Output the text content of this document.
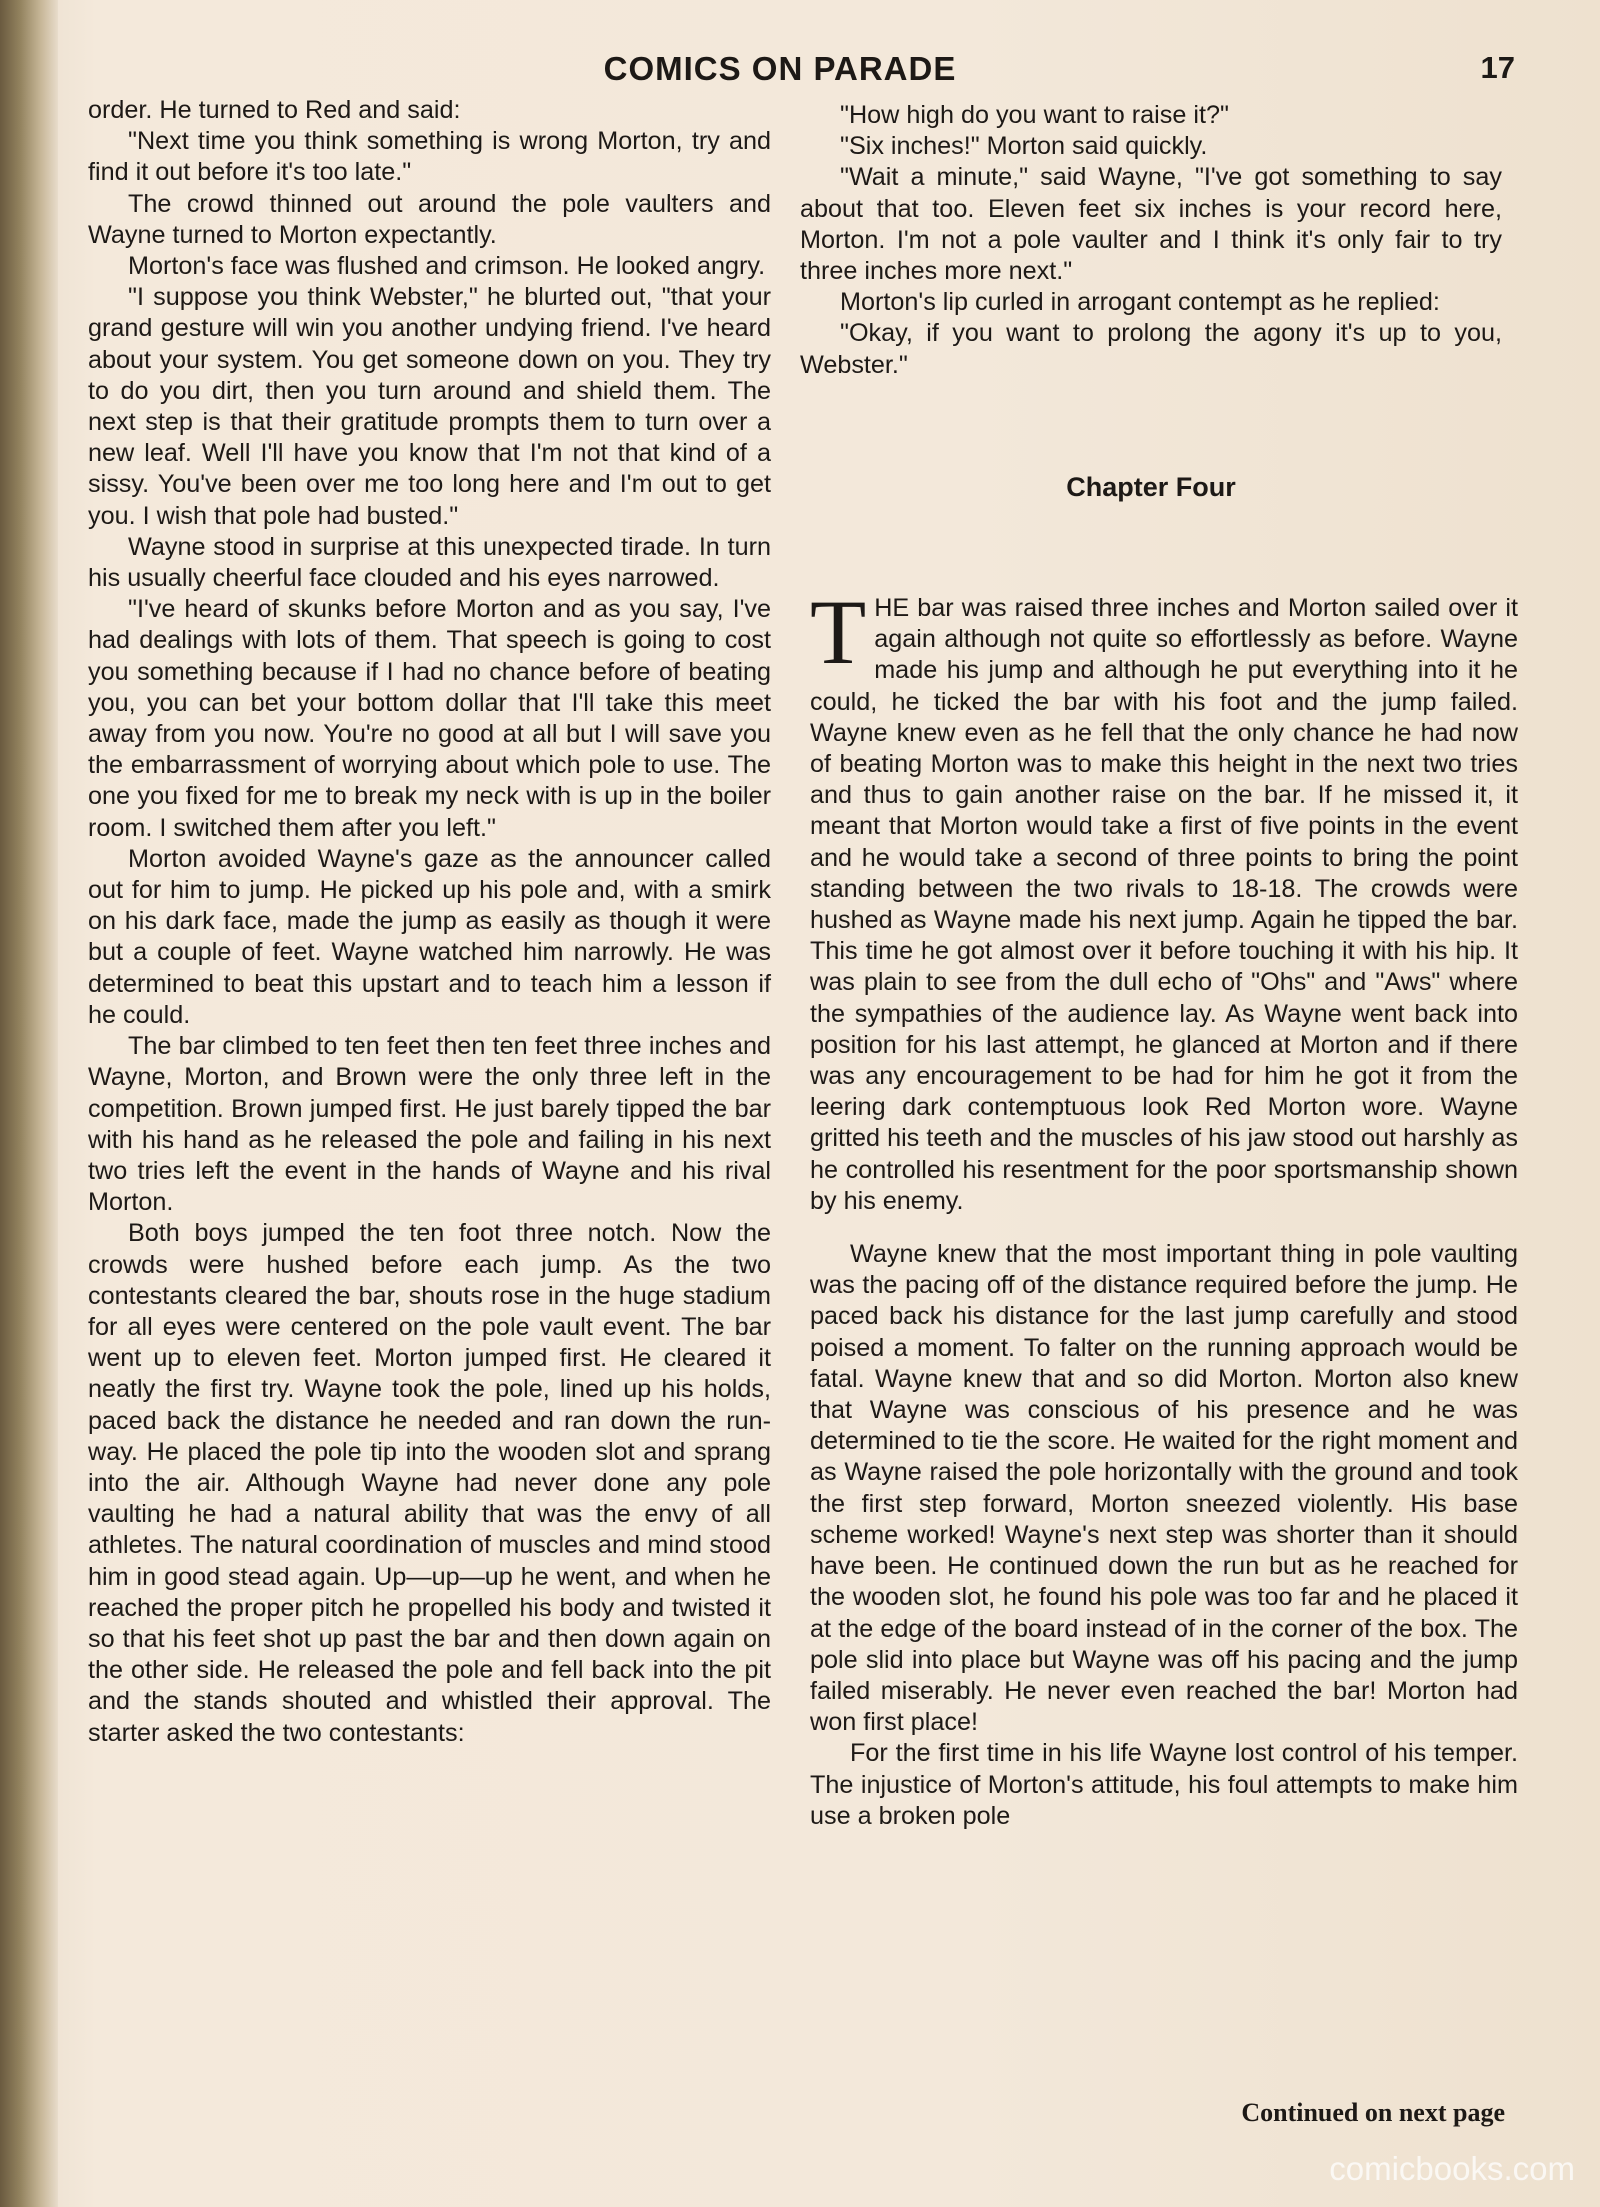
COMICS ON PARADE	17

order. He turned to Red and said:

"Next time you think something is wrong Morton, try and find it out before it's too late."

The crowd thinned out around the pole vaulters and Wayne turned to Morton expectantly.

Morton's face was flushed and crimson. He looked angry.

"I suppose you think Webster," he blurted out, "that your grand gesture will win you another undying friend. I've heard about your system. You get someone down on you. They try to do you dirt, then you turn around and shield them. The next step is that their gratitude prompts them to turn over a new leaf. Well I'll have you know that I'm not that kind of a sissy. You've been over me too long here and I'm out to get you. I wish that pole had busted."

Wayne stood in surprise at this unexpected tirade. In turn his usually cheerful face clouded and his eyes narrowed.

"I've heard of skunks before Morton and as you say, I've had dealings with lots of them. That speech is going to cost you something because if I had no chance before of beating you, you can bet your bottom dollar that I'll take this meet away from you now. You're no good at all but I will save you the embarrassment of worrying about which pole to use. The one you fixed for me to break my neck with is up in the boiler room. I switched them after you left."

Morton avoided Wayne's gaze as the announcer called out for him to jump. He picked up his pole and, with a smirk on his dark face, made the jump as easily as though it were but a couple of feet. Wayne watched him narrowly. He was determined to beat this upstart and to teach him a lesson if he could.

The bar climbed to ten feet then ten feet three inches and Wayne, Morton, and Brown were the only three left in the competition. Brown jumped first. He just barely tipped the bar with his hand as he released the pole and failing in his next two tries left the event in the hands of Wayne and his rival Morton.

Both boys jumped the ten foot three notch. Now the crowds were hushed before each jump. As the two contestants cleared the bar, shouts rose in the huge stadium for all eyes were centered on the pole vault event. The bar went up to eleven feet. Morton jumped first. He cleared it neatly the first try. Wayne took the pole, lined up his holds, paced back the distance he needed and ran down the run-way. He placed the pole tip into the wooden slot and sprang into the air. Although Wayne had never done any pole vaulting he had a natural ability that was the envy of all athletes. The natural coordination of muscles and mind stood him in good stead again. Up—up—up he went, and when he reached the proper pitch he propelled his body and twisted it so that his feet shot up past the bar and then down again on the other side. He released the pole and fell back into the pit and the stands shouted and whistled their approval. The starter asked the two contestants:

"How high do you want to raise it?"

"Six inches!" Morton said quickly.

"Wait a minute," said Wayne, "I've got something to say about that too. Eleven feet six inches is your record here, Morton. I'm not a pole vaulter and I think it's only fair to try three inches more next."

Morton's lip curled in arrogant contempt as he replied:

"Okay, if you want to prolong the agony it's up to you, Webster."

Chapter Four

THE bar was raised three inches and Morton sailed over it again although not quite so effortlessly as before. Wayne made his jump and although he put everything into it he could, he ticked the bar with his foot and the jump failed. Wayne knew even as he fell that the only chance he had now of beating Morton was to make this height in the next two tries and thus to gain another raise on the bar. If he missed it, it meant that Morton would take a first of five points in the event and he would take a second of three points to bring the point standing between the two rivals to 18-18. The crowds were hushed as Wayne made his next jump. Again he tipped the bar. This time he got almost over it before touching it with his hip. It was plain to see from the dull echo of "Ohs" and "Aws" where the sympathies of the audience lay. As Wayne went back into position for his last attempt, he glanced at Morton and if there was any encouragement to be had for him he got it from the leering dark contemptuous look Red Morton wore. Wayne gritted his teeth and the muscles of his jaw stood out harshly as he controlled his resentment for the poor sportsmanship shown by his enemy.

Wayne knew that the most important thing in pole vaulting was the pacing off of the distance required before the jump. He paced back his distance for the last jump carefully and stood poised a moment. To falter on the running approach would be fatal. Wayne knew that and so did Morton. Morton also knew that Wayne was conscious of his presence and he was determined to tie the score. He waited for the right moment and as Wayne raised the pole horizontally with the ground and took the first step forward, Morton sneezed violently. His base scheme worked! Wayne's next step was shorter than it should have been. He continued down the run but as he reached for the wooden slot, he found his pole was too far and he placed it at the edge of the board instead of in the corner of the box. The pole slid into place but Wayne was off his pacing and the jump failed miserably. He never even reached the bar! Morton had won first place!

For the first time in his life Wayne lost control of his temper. The injustice of Morton's attitude, his foul attempts to make him use a broken pole

Continued on next page
comicbooks.com
